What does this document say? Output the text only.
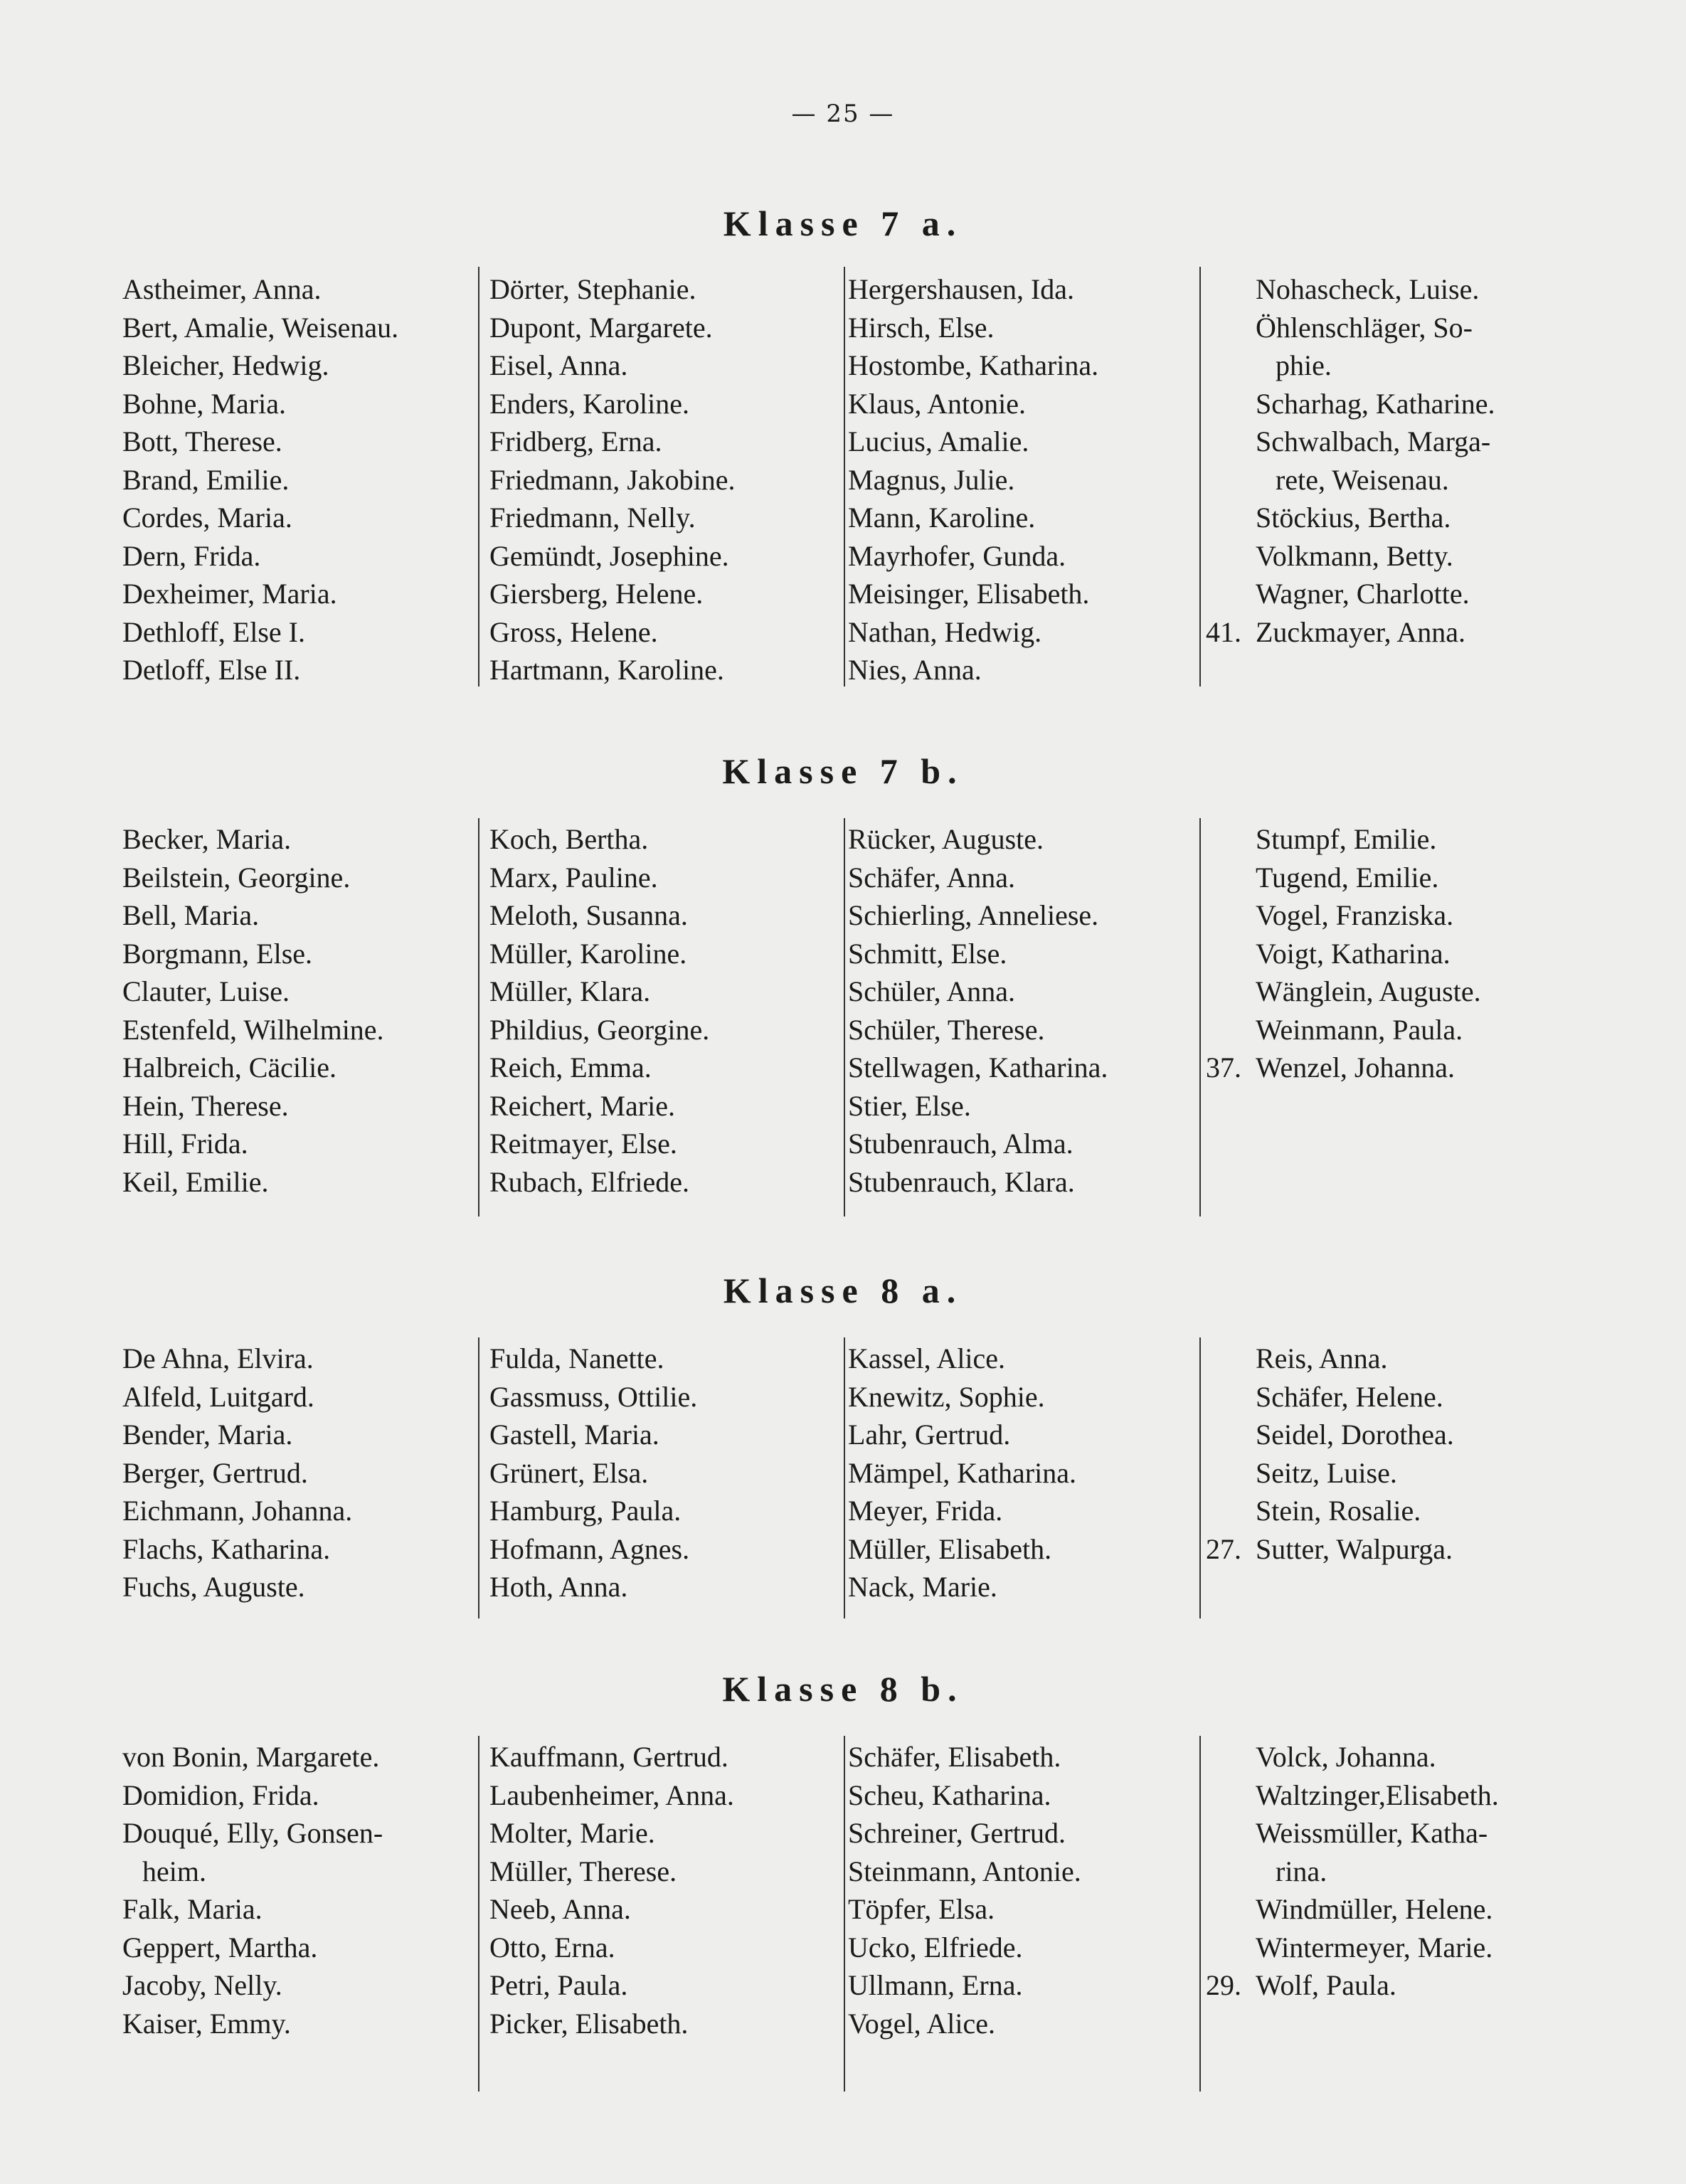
— 25 —
Klasse 7 a.
Astheimer, Anna.
Bert, Amalie, Weisenau.
Bleicher, Hedwig.
Bohne, Maria.
Bott, Therese.
Brand, Emilie.
Cordes, Maria.
Dern, Frida.
Dexheimer, Maria.
Dethloff, Else I.
Detloff, Else II.
Dörter, Stephanie.
Dupont, Margarete.
Eisel, Anna.
Enders, Karoline.
Fridberg, Erna.
Friedmann, Jakobine.
Friedmann, Nelly.
Gemündt, Josephine.
Giersberg, Helene.
Gross, Helene.
Hartmann, Karoline.
Hergershausen, Ida.
Hirsch, Else.
Hostombe, Katharina.
Klaus, Antonie.
Lucius, Amalie.
Magnus, Julie.
Mann, Karoline.
Mayrhofer, Gunda.
Meisinger, Elisabeth.
Nathan, Hedwig.
Nies, Anna.
Nohascheck, Luise.
Öhlenschläger, So-
phie.
Scharhag, Katharine.
Schwalbach, Marga-
rete, Weisenau.
Stöckius, Bertha.
Volkmann, Betty.
Wagner, Charlotte.
41. Zuckmayer, Anna.
Klasse 7 b.
Becker, Maria.
Beilstein, Georgine.
Bell, Maria.
Borgmann, Else.
Clauter, Luise.
Estenfeld, Wilhelmine.
Halbreich, Cäcilie.
Hein, Therese.
Hill, Frida.
Keil, Emilie.
Koch, Bertha.
Marx, Pauline.
Meloth, Susanna.
Müller, Karoline.
Müller, Klara.
Phildius, Georgine.
Reich, Emma.
Reichert, Marie.
Reitmayer, Else.
Rubach, Elfriede.
Rücker, Auguste.
Schäfer, Anna.
Schierling, Anneliese.
Schmitt, Else.
Schüler, Anna.
Schüler, Therese.
Stellwagen, Katharina.
Stier, Else.
Stubenrauch, Alma.
Stubenrauch, Klara.
Stumpf, Emilie.
Tugend, Emilie.
Vogel, Franziska.
Voigt, Katharina.
Wänglein, Auguste.
Weinmann, Paula.
37. Wenzel, Johanna.
Klasse 8 a.
De Ahna, Elvira.
Alfeld, Luitgard.
Bender, Maria.
Berger, Gertrud.
Eichmann, Johanna.
Flachs, Katharina.
Fuchs, Auguste.
Fulda, Nanette.
Gassmuss, Ottilie.
Gastell, Maria.
Grünert, Elsa.
Hamburg, Paula.
Hofmann, Agnes.
Hoth, Anna.
Kassel, Alice.
Knewitz, Sophie.
Lahr, Gertrud.
Mämpel, Katharina.
Meyer, Frida.
Müller, Elisabeth.
Nack, Marie.
Reis, Anna.
Schäfer, Helene.
Seidel, Dorothea.
Seitz, Luise.
Stein, Rosalie.
27. Sutter, Walpurga.
Klasse 8 b.
von Bonin, Margarete.
Domidion, Frida.
Douqué, Elly, Gonsen-
heim.
Falk, Maria.
Geppert, Martha.
Jacoby, Nelly.
Kaiser, Emmy.
Kauffmann, Gertrud.
Laubenheimer, Anna.
Molter, Marie.
Müller, Therese.
Neeb, Anna.
Otto, Erna.
Petri, Paula.
Picker, Elisabeth.
Schäfer, Elisabeth.
Scheu, Katharina.
Schreiner, Gertrud.
Steinmann, Antonie.
Töpfer, Elsa.
Ucko, Elfriede.
Ullmann, Erna.
Vogel, Alice.
Volck, Johanna.
Waltzinger,Elisabeth.
Weissmüller, Katha-
rina.
Windmüller, Helene.
Wintermeyer, Marie.
29. Wolf, Paula.
